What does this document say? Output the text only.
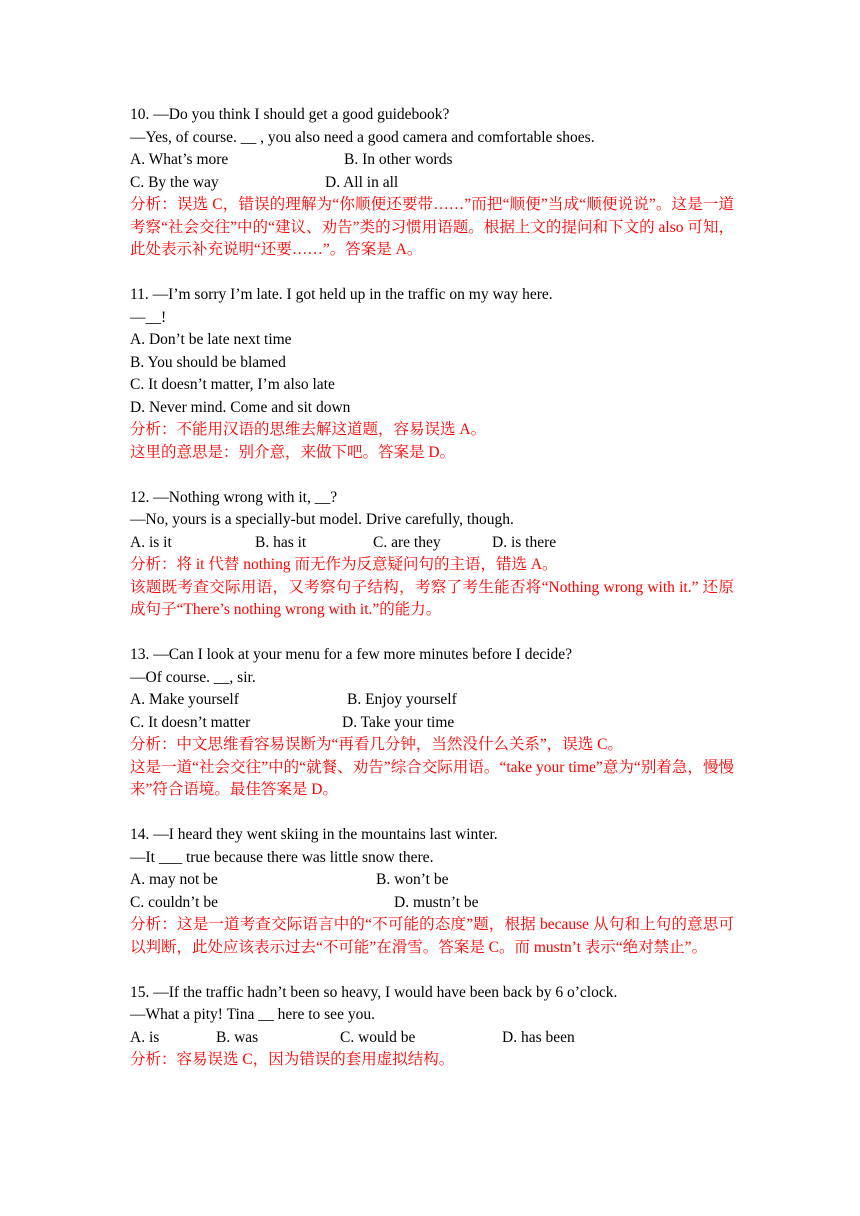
10. —Do you think I should get a good guidebook?
—Yes, of course. __ , you also need a good camera and comfortable shoes.
A. What’s more	B. In other words
C. By the way	D. All in all
分析：误选 C，错误的理解为“你顺便还要带……”而把“顺便”当成“顺便说说”。这是一道考察“社会交往”中的“建议、劝告”类的习惯用语题。根据上文的提问和下文的 also 可知，此处表示补充说明“还要……”。答案是 A。
11. —I’m sorry I’m late. I got held up in the traffic on my way here.
—__!
A. Don’t be late next time
B. You should be blamed
C. It doesn’t matter, I’m also late
D. Never mind. Come and sit down
分析：不能用汉语的思维去解这道题，容易误选 A。
这里的意思是：别介意，来做下吧。答案是 D。
12. —Nothing wrong with it, __?
—No, yours is a specially-but model. Drive carefully, though.
A. is it	B. has it	C. are they	D. is there
分析：将 it 代替 nothing 而无作为反意疑问句的主语，错选 A。
该题既考查交际用语，又考察句子结构，考察了考生能否将“Nothing wrong with it.” 还原成句子“There’s nothing wrong with it.”的能力。
13. —Can I look at your menu for a few more minutes before I decide?
—Of course. __, sir.
A. Make yourself	B. Enjoy yourself
C. It doesn’t matter	D. Take your time
分析：中文思维看容易误断为“再看几分钟，当然没什么关系”，误选 C。
这是一道“社会交往”中的“就餐、劝告”综合交际用语。“take your time”意为“别着急，慢慢来”符合语境。最佳答案是 D。
14. —I heard they went skiing in the mountains last winter.
—It ___ true because there was little snow there.
A. may not be	B. won’t be
C. couldn’t be	D. mustn’t be
分析：这是一道考查交际语言中的“不可能的态度”题，根据 because 从句和上句的意思可以判断，此处应该表示过去“不可能”在滑雪。答案是 C。而 mustn’t 表示“绝对禁止”。
15. —If the traffic hadn’t been so heavy, I would have been back by 6 o’clock.
—What a pity! Tina __ here to see you.
A. is	B. was	C. would be	D. has been
分析：容易误选 C，因为错误的套用虚拟结构。
